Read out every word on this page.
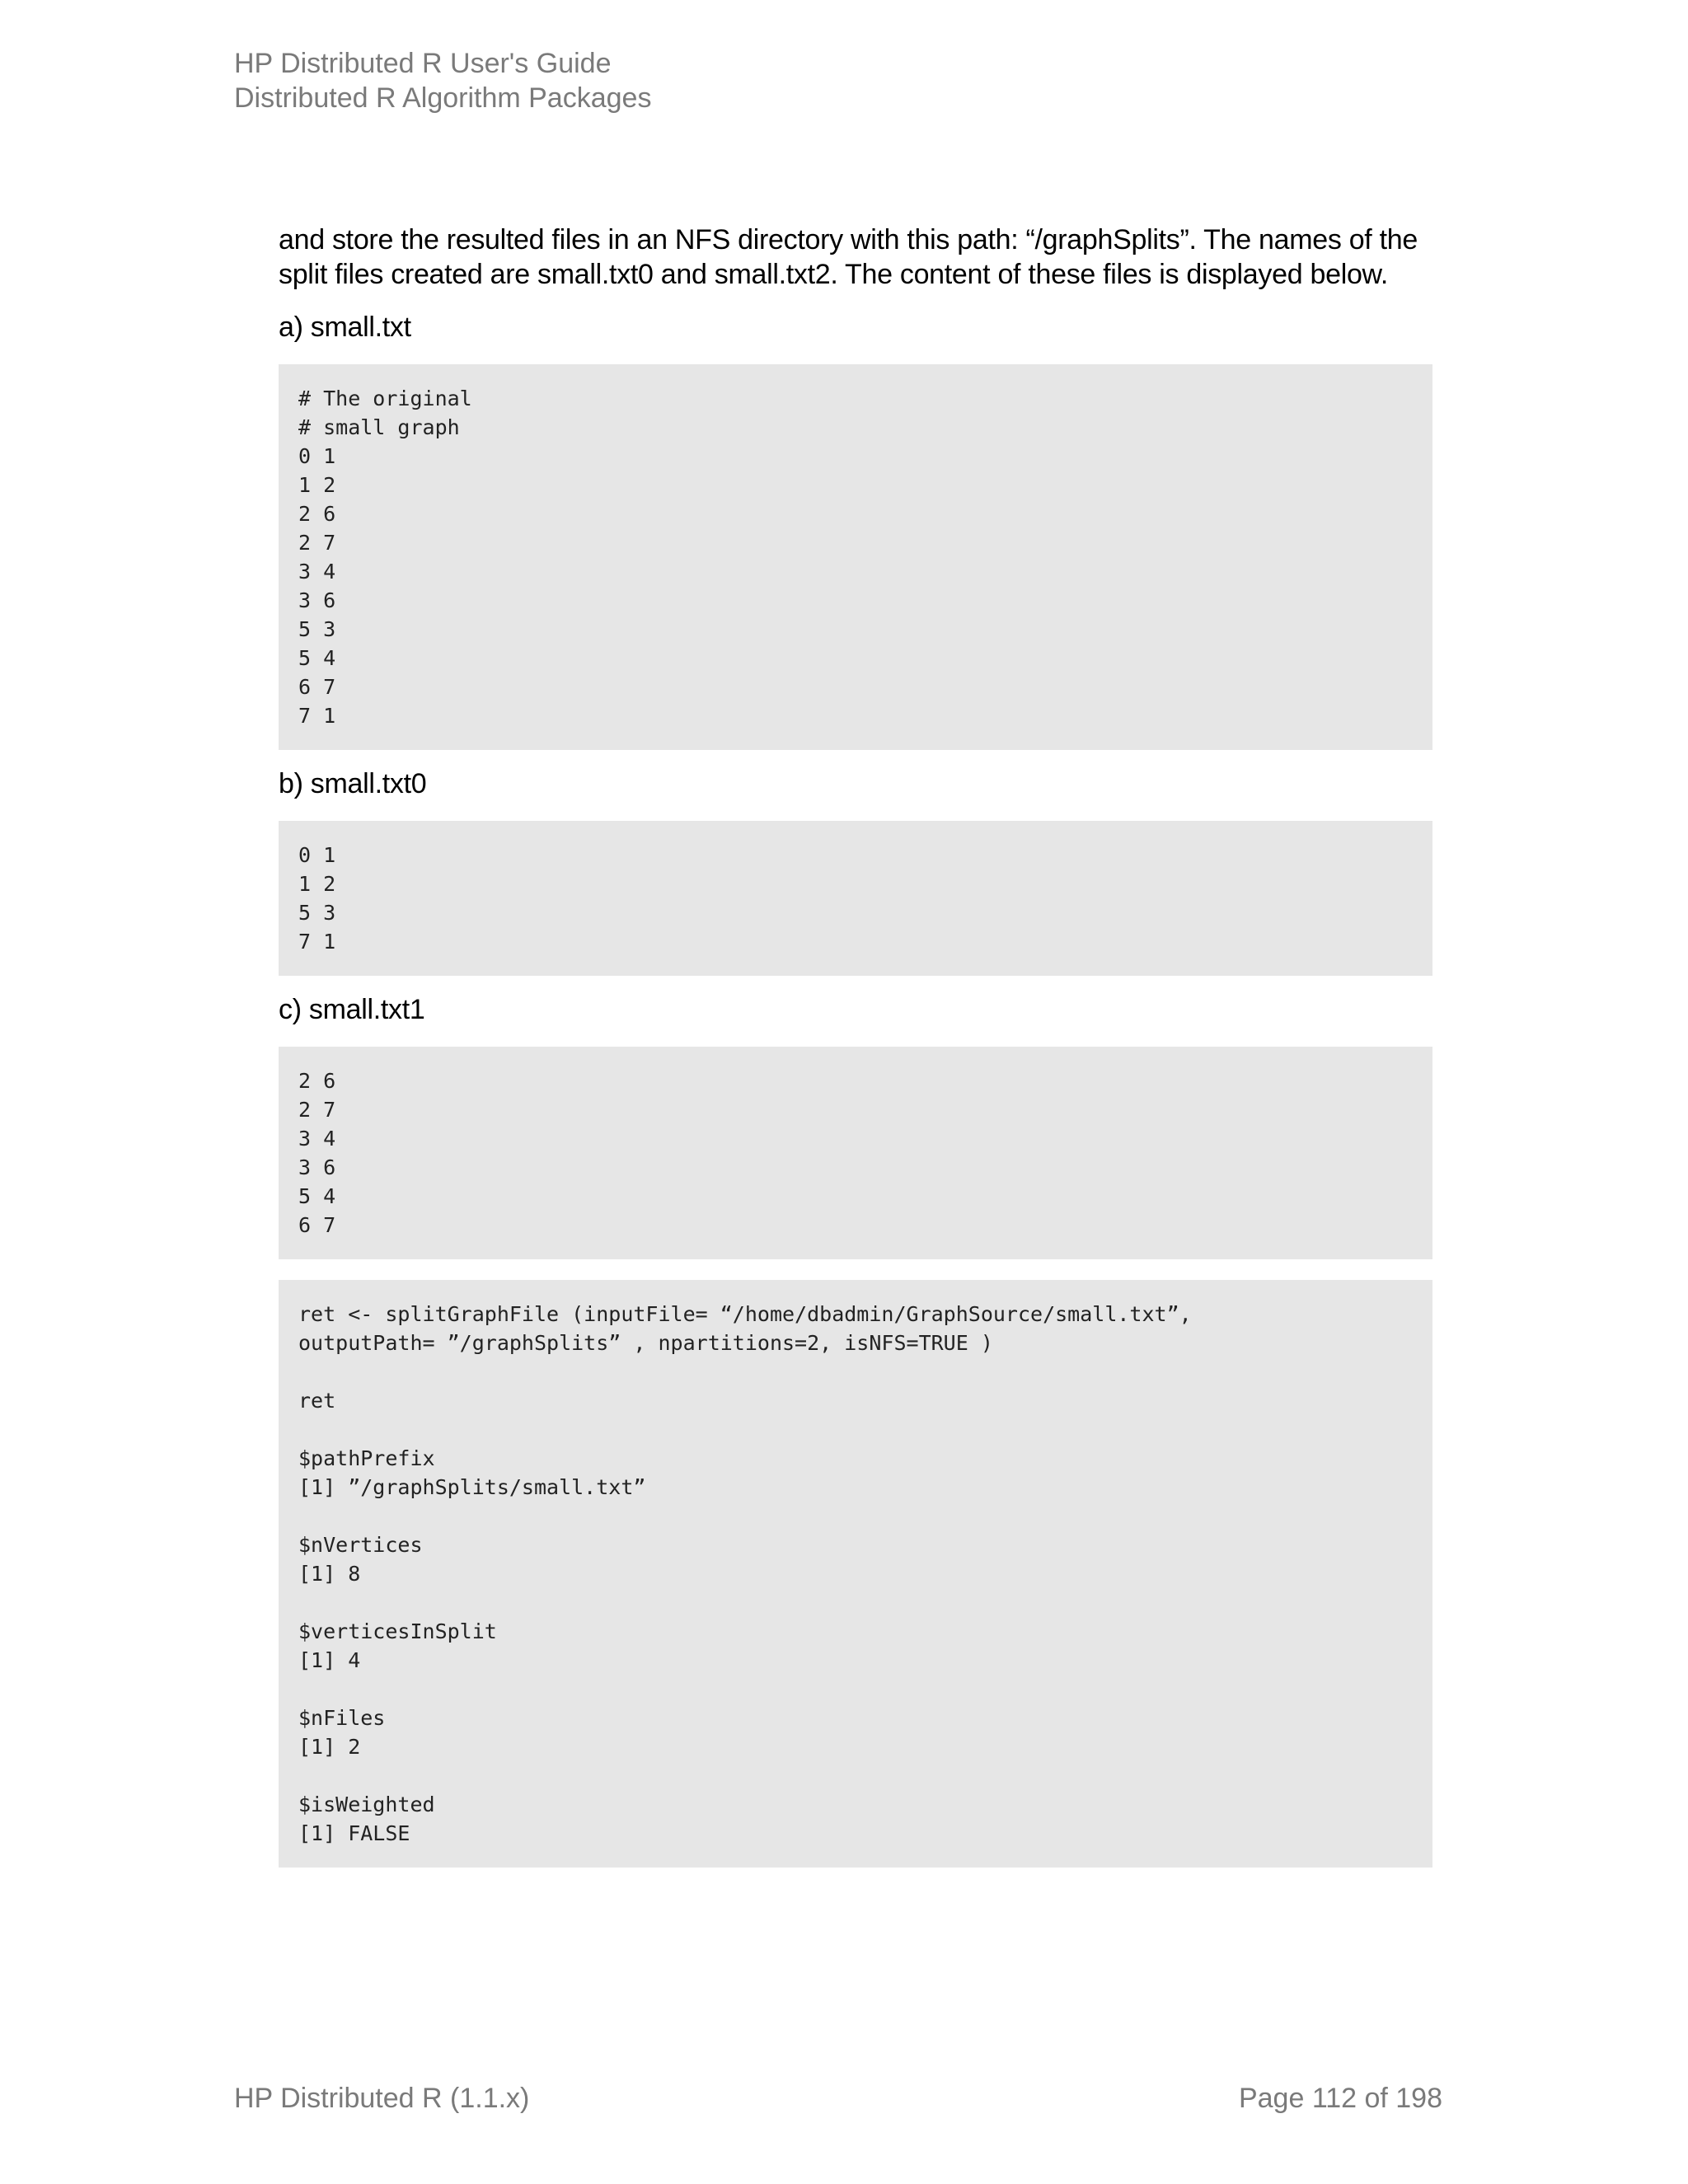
HP Distributed R User's Guide
Distributed R Algorithm Packages

and store the resulted files in an NFS directory with this path: “/graphSplits”. The names of the split files created are small.txt0 and small.txt2. The content of these files is displayed below.

a) small.txt

# The original
# small graph
0 1
1 2
2 6
2 7
3 4
3 6
5 3
5 4
6 7
7 1

b) small.txt0

0 1
1 2
5 3
7 1

c) small.txt1

2 6
2 7
3 4
3 6
5 4
6 7
ret <- splitGraphFile (inputFile= “/home/dbadmin/GraphSource/small.txt”,
outputPath= ”/graphSplits” , npartitions=2, isNFS=TRUE )
ret
$pathPrefix
[1] ”/graphSplits/small.txt”
$nVertices
[1] 8
$verticesInSplit
[1] 4
$nFiles
[1] 2
$isWeighted
[1] FALSE
HP Distributed R (1.1.x)	Page 112 of 198
